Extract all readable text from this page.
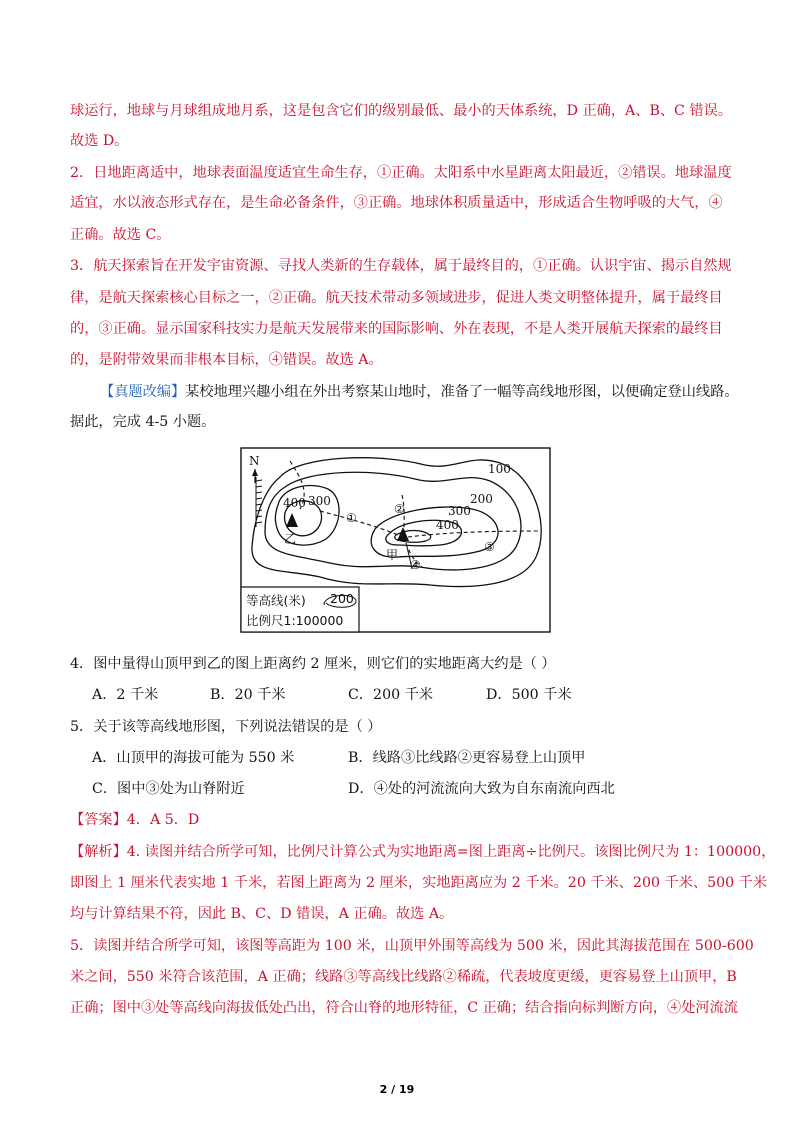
球运行，地球与月球组成地月系，这是包含它们的级别最低、最小的天体系统，D 正确，A、B、C 错误。
故选 D。
2．日地距离适中，地球表面温度适宜生命生存，①正确。太阳系中水星距离太阳最近，②错误。地球温度
适宜，水以液态形式存在，是生命必备条件，③正确。地球体积质量适中，形成适合生物呼吸的大气，④
正确。故选 C。
3．航天探索旨在开发宇宙资源、寻找人类新的生存载体，属于最终目的，①正确。认识宇宙、揭示自然规
律，是航天探索核心目标之一，②正确。航天技术带动多领域进步，促进人类文明整体提升，属于最终目
的，③正确。显示国家科技实力是航天发展带来的国际影响、外在表现，不是人类开展航天探索的最终目
的，是附带效果而非根本目标，④错误。故选 A。
【真题改编】某校地理兴趣小组在外出考察某山地时，准备了一幅等高线地形图，以便确定登山线路。
据此，完成 4-5 小题。
N
100
200
300
400
300
400
乙
甲
①
②
③
④
等高线(米) 200
比例尺1:100000
4．图中量得山顶甲到乙的图上距离约 2 厘米，则它们的实地距离大约是（ ）
A．2 千米	B．20 千米	C．200 千米	D．500 千米
5．关于该等高线地形图，下列说法错误的是（ ）
A．山顶甲的海拔可能为 550 米	B．线路③比线路②更容易登上山顶甲
C．图中③处为山脊附近	D．④处的河流流向大致为自东南流向西北
【答案】4．A 5．D
【解析】4. 读图并结合所学可知，比例尺计算公式为实地距离=图上距离÷比例尺。该图比例尺为 1：100000，
即图上 1 厘米代表实地 1 千米，若图上距离为 2 厘米，实地距离应为 2 千米。20 千米、200 千米、500 千米
均与计算结果不符，因此 B、C、D 错误，A 正确。故选 A。
5．读图并结合所学可知，该图等高距为 100 米，山顶甲外围等高线为 500 米，因此其海拔范围在 500-600
米之间，550 米符合该范围，A 正确；线路③等高线比线路②稀疏，代表坡度更缓，更容易登上山顶甲，B
正确；图中③处等高线向海拔低处凸出，符合山脊的地形特征，C 正确；结合指向标判断方向，④处河流流
2 / 19
